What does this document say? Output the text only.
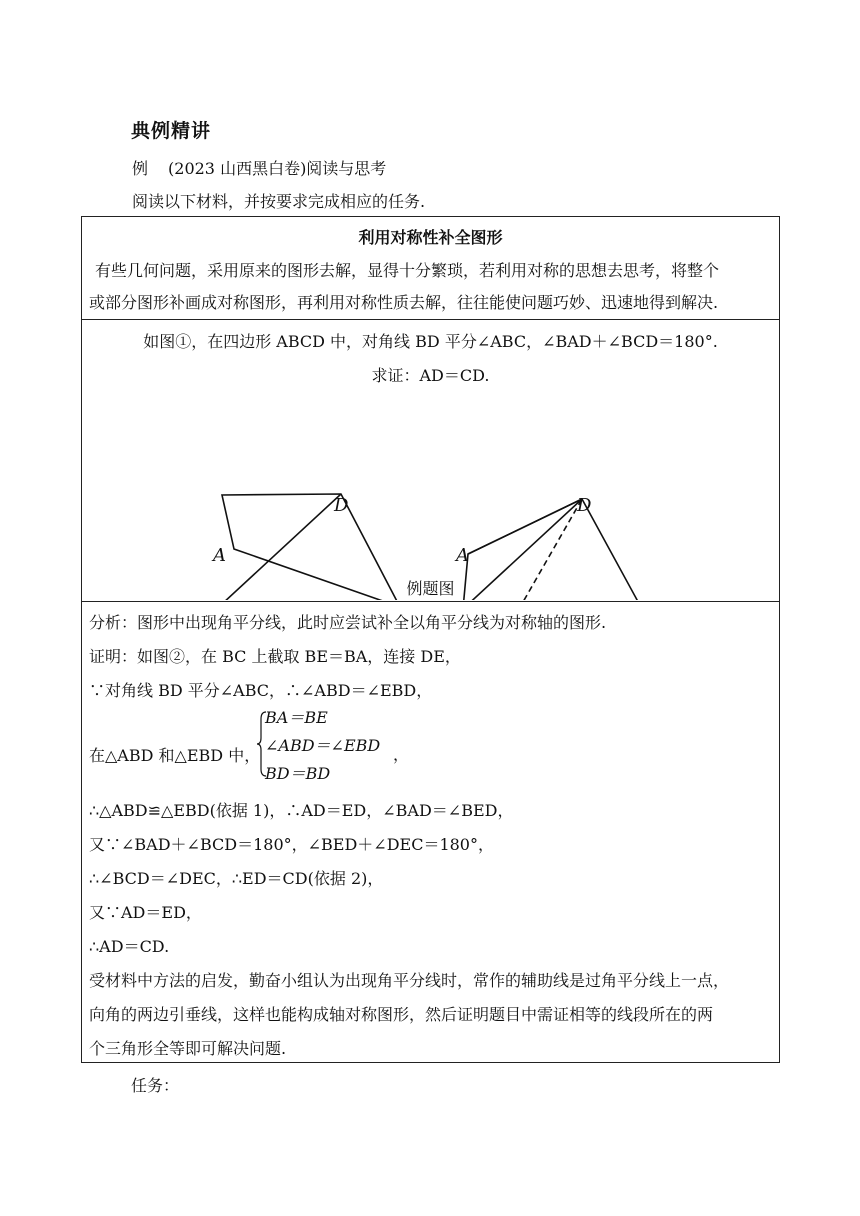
典例精讲
例 (2023 山西黑白卷)阅读与思考
阅读以下材料，并按要求完成相应的任务.
利用对称性补全图形
有些几何问题，采用原来的图形去解，显得十分繁琐，若利用对称的思想去思考，将整个
或部分图形补画成对称图形，再利用对称性质去解，往往能使问题巧妙、迅速地得到解决.
如图①，在四边形 ABCD 中，对角线 BD 平分∠ABC，∠BAD＋∠BCD＝180°.
求证：AD＝CD.
A
D
A
D
例题图
分析：图形中出现角平分线，此时应尝试补全以角平分线为对称轴的图形.
证明：如图②，在 BC 上截取 BE＝BA，连接 DE，
∵对角线 BD 平分∠ABC，∴∠ABD＝∠EBD，
在△ABD 和△EBD 中，
BA＝BE
∠ABD＝∠EBD
BD＝BD
，
∴△ABD≌△EBD(依据 1)，∴AD＝ED，∠BAD＝∠BED，
又∵∠BAD＋∠BCD＝180°，∠BED＋∠DEC＝180°，
∴∠BCD＝∠DEC，∴ED＝CD(依据 2)，
又∵AD＝ED，
∴AD＝CD.
受材料中方法的启发，勤奋小组认为出现角平分线时，常作的辅助线是过角平分线上一点，
向角的两边引垂线，这样也能构成轴对称图形，然后证明题目中需证相等的线段所在的两
个三角形全等即可解决问题.
任务：
